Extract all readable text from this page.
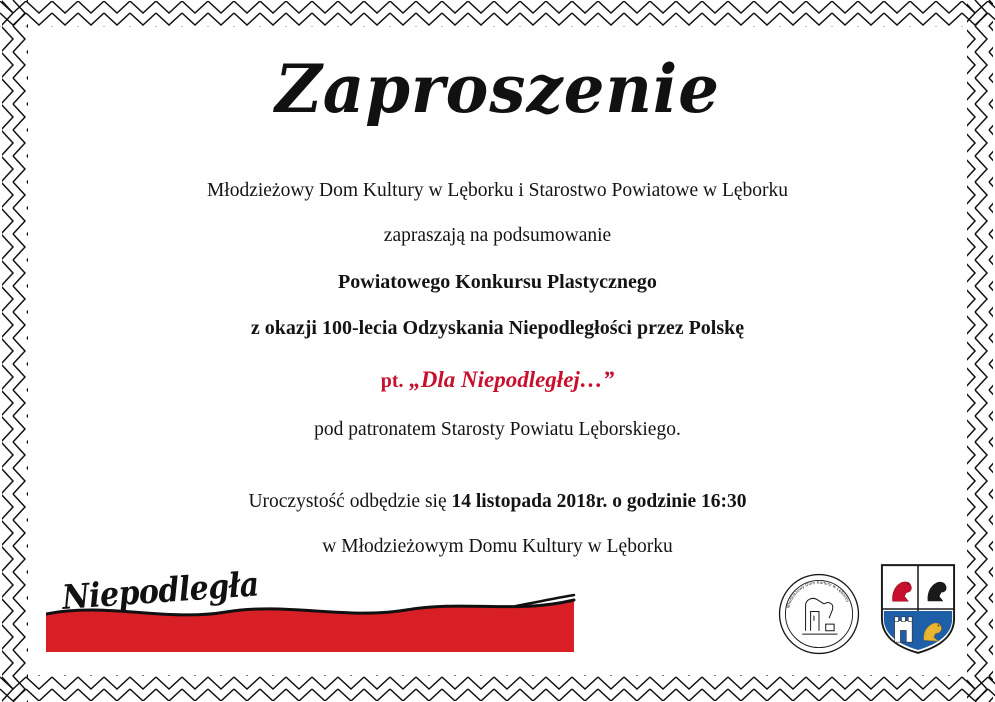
Zaproszenie

Młodzieżowy Dom Kultury w Lęborku i Starostwo Powiatowe w Lęborku

zapraszają na podsumowanie

Powiatowego Konkursu Plastycznego

z okazji 100-lecia Odzyskania Niepodległości przez Polskę

pt. „Dla Niepodległej…”

pod patronatem Starosty Powiatu Lęborskiego.

Uroczystość odbędzie się 14 listopada 2018r. o godzinie 16:30

w Młodzieżowym Domu Kultury w Lęborku

Niepodległa	Młodzieżowy Dom Kultury w Lęborku
